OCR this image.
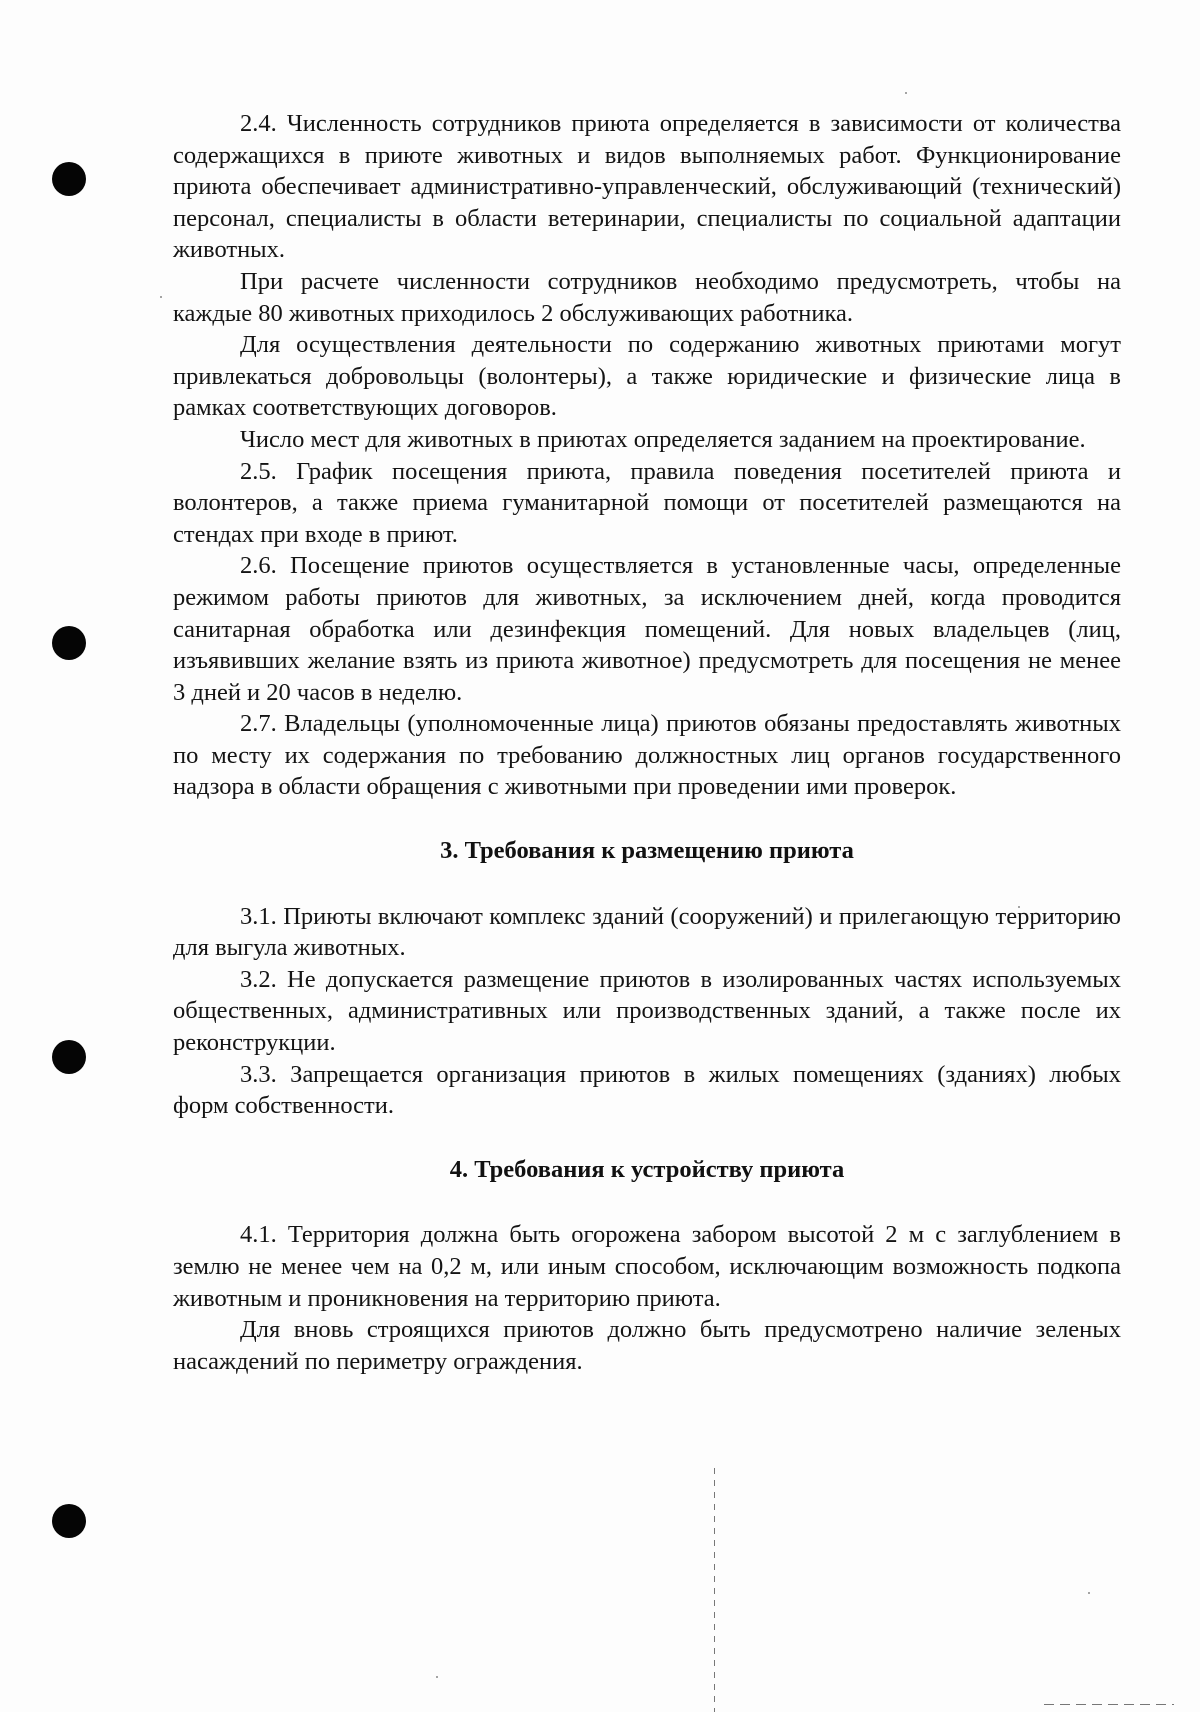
2.4. Численность сотрудников приюта определяется в зависимости от количества содержащихся в приюте животных и видов выполняемых работ. Функционирование приюта обеспечивает административно-управленческий, обслуживающий (технический) персонал, специалисты в области ветеринарии, специалисты по социальной адаптации животных.

При расчете численности сотрудников необходимо предусмотреть, чтобы на каждые 80 животных приходилось 2 обслуживающих работника.

Для осуществления деятельности по содержанию животных приютами могут привлекаться добровольцы (волонтеры), а также юридические и физические лица в рамках соответствующих договоров.

Число мест для животных в приютах определяется заданием на проектирование.

2.5. График посещения приюта, правила поведения посетителей приюта и волонтеров, а также приема гуманитарной помощи от посетителей размещаются на стендах при входе в приют.

2.6. Посещение приютов осуществляется в установленные часы, определенные режимом работы приютов для животных, за исключением дней, когда проводится санитарная обработка или дезинфекция помещений. Для новых владельцев (лиц, изъявивших желание взять из приюта животное) предусмотреть для посещения не менее 3 дней и 20 часов в неделю.

2.7. Владельцы (уполномоченные лица) приютов обязаны предоставлять животных по месту их содержания по требованию должностных лиц органов государственного надзора в области обращения с животными при проведении ими проверок.

3. Требования к размещению приюта

3.1. Приюты включают комплекс зданий (сооружений) и прилегающую территорию для выгула животных.

3.2. Не допускается размещение приютов в изолированных частях используемых общественных, административных или производственных зданий, а также после их реконструкции.

3.3. Запрещается организация приютов в жилых помещениях (зданиях) любых форм собственности.

4. Требования к устройству приюта

4.1. Территория должна быть огорожена забором высотой 2 м с заглублением в землю не менее чем на 0,2 м, или иным способом, исключающим возможность подкопа животным и проникновения на территорию приюта.

Для вновь строящихся приютов должно быть предусмотрено наличие зеленых насаждений по периметру ограждения.
